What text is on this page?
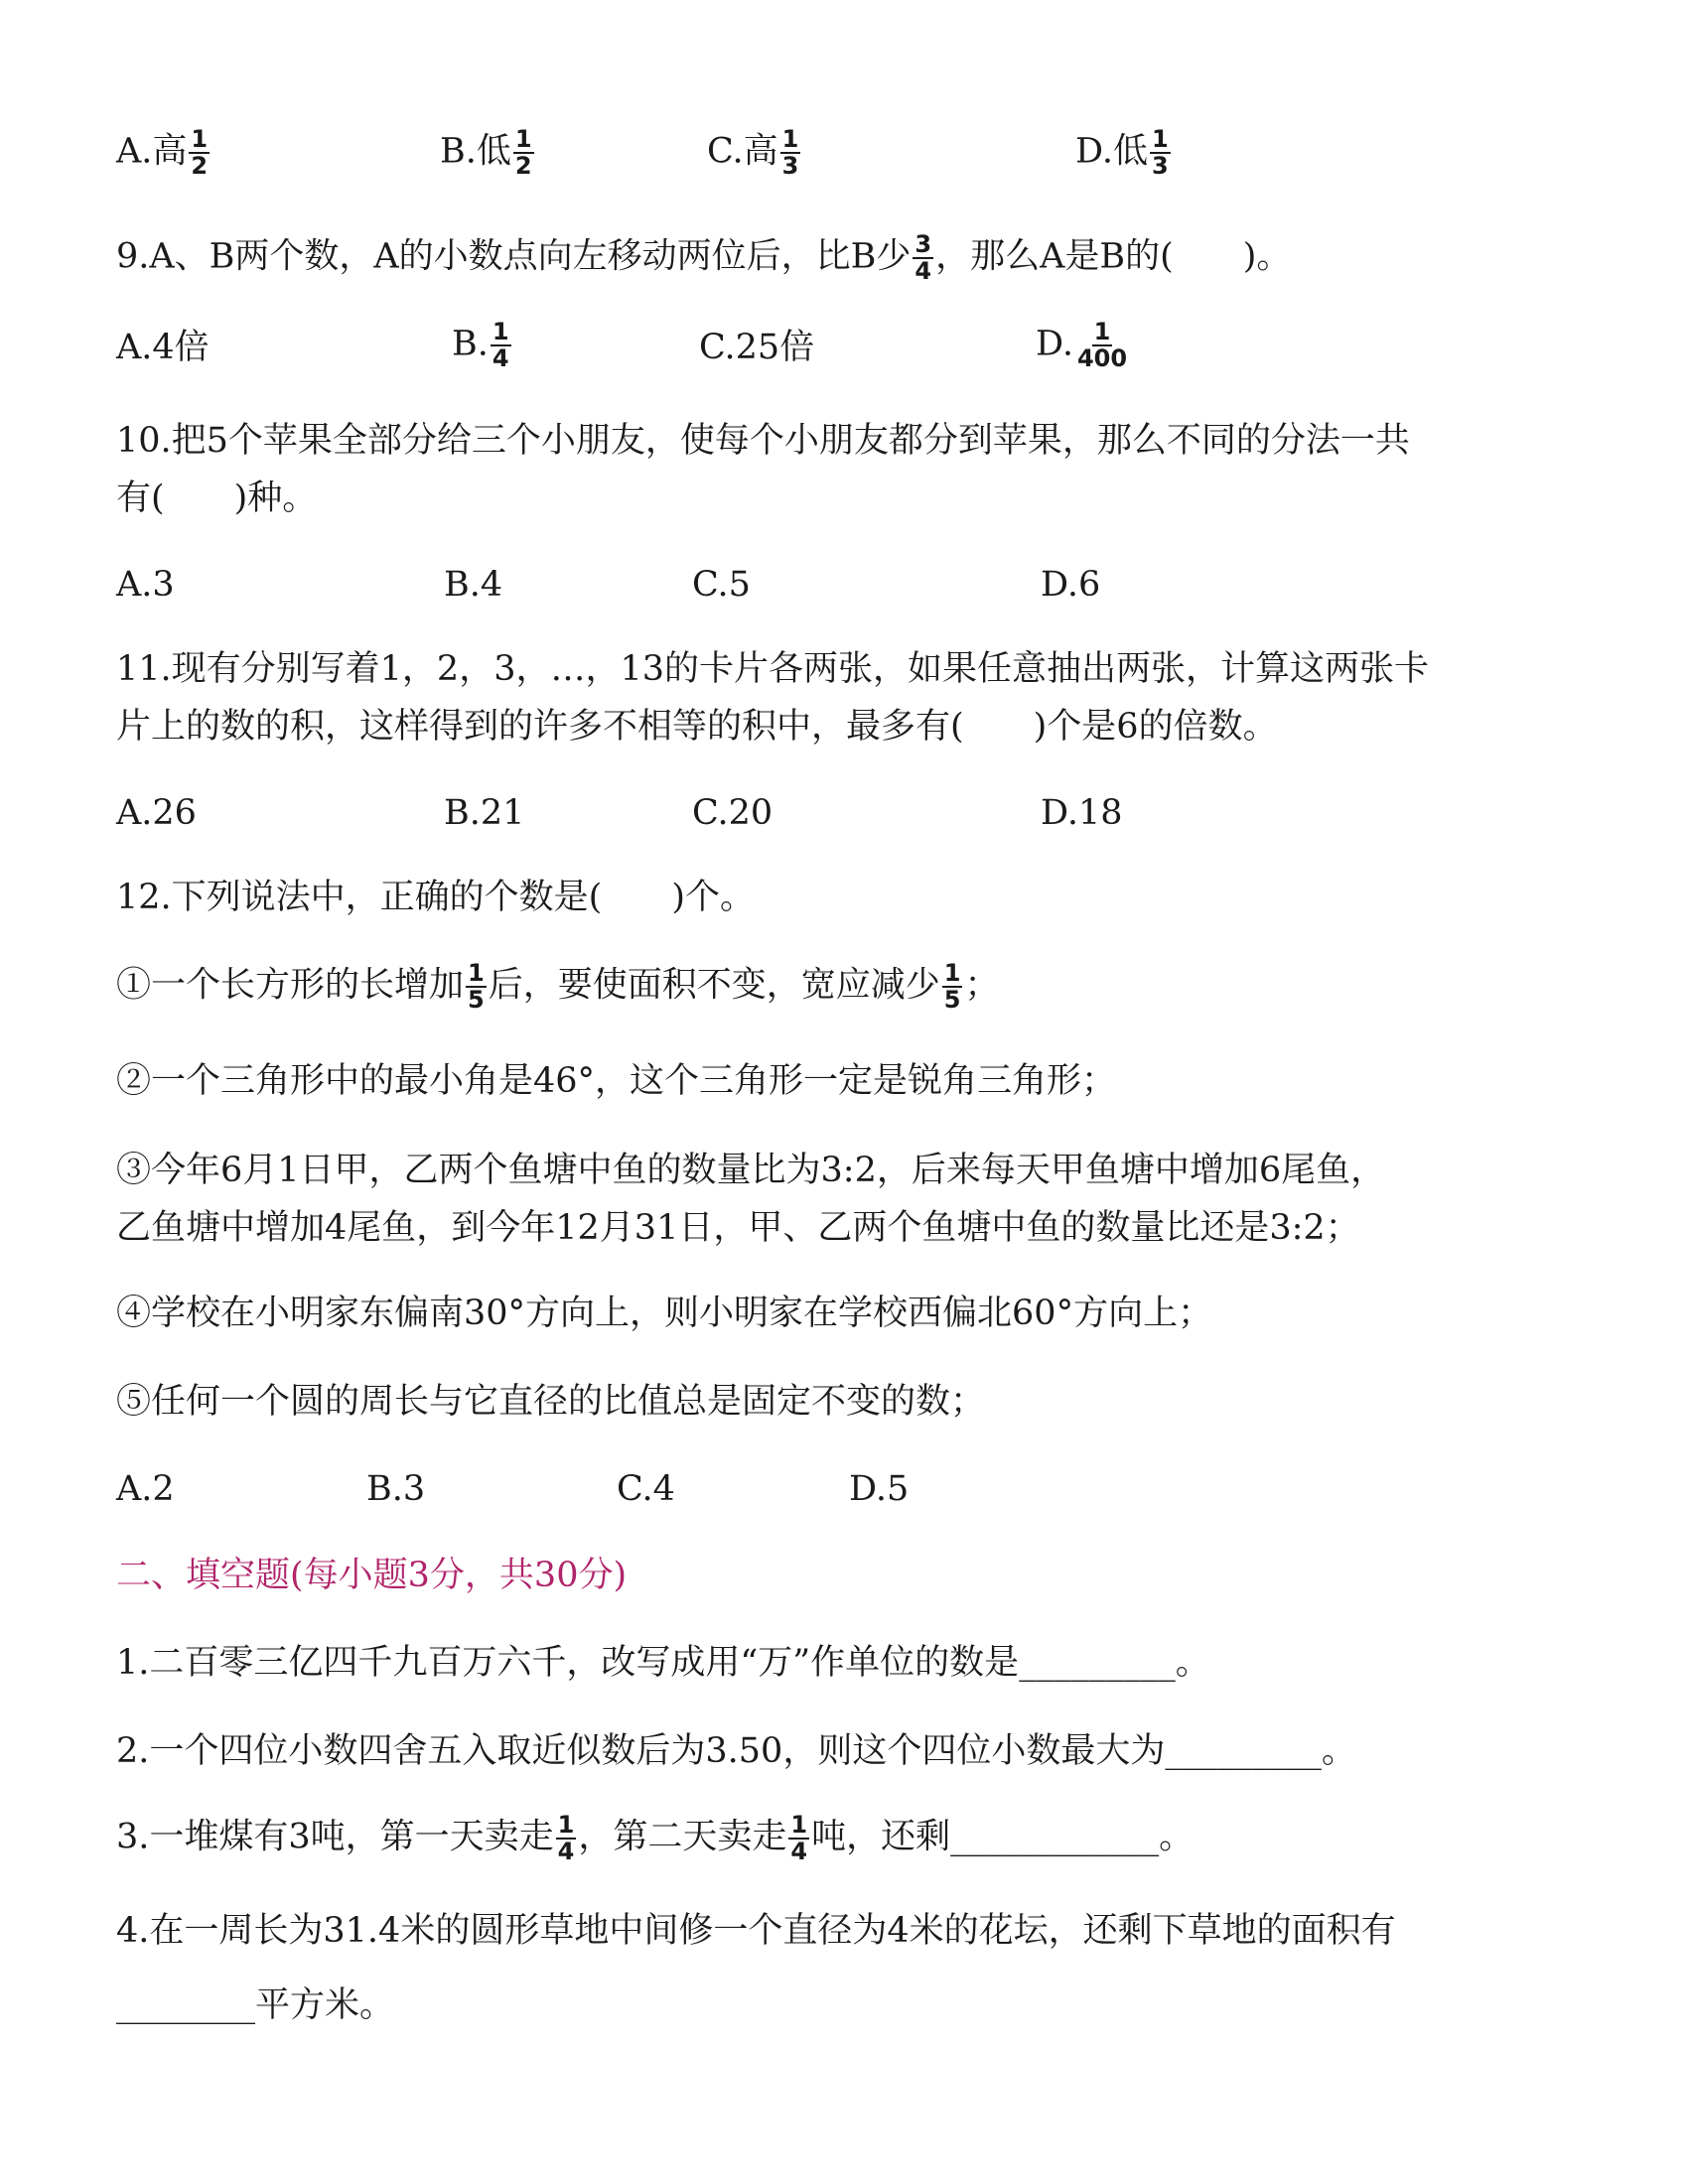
A.高 $\frac{1}{2}$	B.低 $\frac{1}{2}$	C.高 $\frac{1}{3}$	D.低 $\frac{1}{3}$
9.A、B两个数，A的小数点向左移动两位后，比B少 $\frac{3}{4}$ ，那么A是B的(　　)。
A.4倍	B. $\frac{1}{4}$	C.25倍	D. $\frac{1}{400}$
10.把5个苹果全部分给三个小朋友，使每个小朋友都分到苹果，那么不同的分法一共
有(　　)种。
A.3	B.4	C.5	D.6
11.现有分别写着1，2，3，…，13的卡片各两张，如果任意抽出两张，计算这两张卡
片上的数的积，这样得到的许多不相等的积中，最多有(　　)个是6的倍数。
A.26	B.21	C.20	D.18
12.下列说法中，正确的个数是(　　)个。
①一个长方形的长增加 $\frac{1}{5}$ 后，要使面积不变，宽应减少 $\frac{1}{5}$ ；
②一个三角形中的最小角是46°，这个三角形一定是锐角三角形；
③今年6月1日甲，乙两个鱼塘中鱼的数量比为3:2，后来每天甲鱼塘中增加6尾鱼，
乙鱼塘中增加4尾鱼，到今年12月31日，甲、乙两个鱼塘中鱼的数量比还是3:2；
④学校在小明家东偏南30°方向上，则小明家在学校西偏北60°方向上；
⑤任何一个圆的周长与它直径的比值总是固定不变的数；
A.2	B.3	C.4	D.5
二、填空题(每小题3分，共30分)
1.二百零三亿四千九百万六千，改写成用“万”作单位的数是_________。
2.一个四位小数四舍五入取近似数后为3.50，则这个四位小数最大为_________。
3.一堆煤有3吨，第一天卖走 $\frac{1}{4}$ ，第二天卖走 $\frac{1}{4}$ 吨，还剩____________。
4.在一周长为31.4米的圆形草地中间修一个直径为4米的花坛，还剩下草地的面积有
________平方米。
